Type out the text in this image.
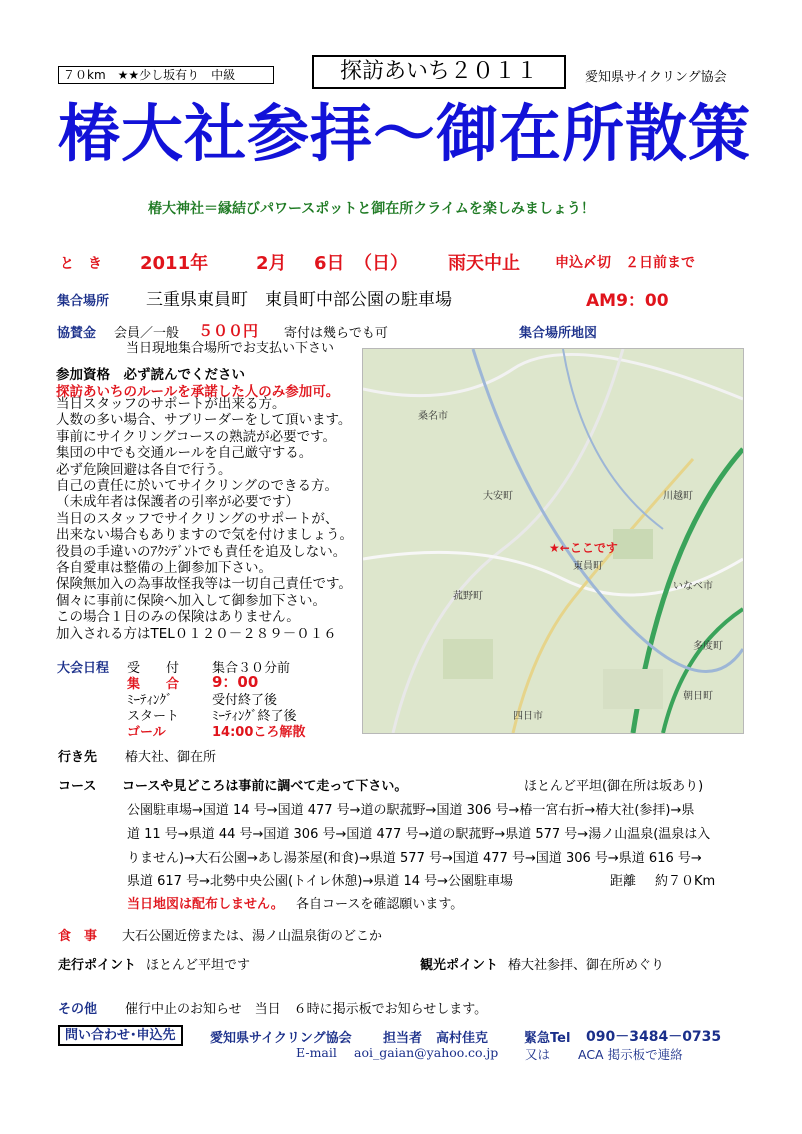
７０km　★★少し坂有り　中級	探訪あいち２０１１	愛知県サイクリング協会
椿大社参拝～御在所散策
椿大神社＝縁結びパワースポットと御在所クライムを楽しみましょう！
と　き 2011年	2月 6日 （日） 雨天中止	申込〆切　２日前まで
集合場所 三重県東員町　東員町中部公園の駐車場	AM9：00
協賛金 会員／一般 ５００円 寄付は幾らでも可
当日現地集合場所でお支払い下さい
集合場所地図
参加資格　必ず読んでください
探訪あいちのルールを承諾した人のみ参加可。
当日スタッフのサポートが出来る方。
人数の多い場合、サブリーダーをして頂います。
事前にサイクリングコースの熟読が必要です。
集団の中でも交通ルールを自己厳守する。
必ず危険回避は各自で行う。
自己の責任に於いてサイクリングのできる方。
（未成年者は保護者の引率が必要です）
当日のスタッフでサイクリングのサポートが、
出来ない場合もありますので気を付けましょう。
役員の手違いのｱｸｼﾃﾞﾝﾄでも責任を追及しない。
各自愛車は整備の上御参加下さい。
保険無加入の為事故怪我等は一切自己責任です。
個々に事前に保険へ加入して御参加下さい。
この場合１日のみの保険はありません。
加入される方はTEL０１２０－２８９－０１６
桑名市
大安町	川越町
菰野町
東員町
いなべ市
多度町
朝日町
四日市
★←ここです
大会日程 受　　付	集合３０分前
集　　合 9：00
ﾐｰﾃｨﾝｸﾞ	受付終了後
スタート	ﾐｰﾃｨﾝｸﾞ終了後
ゴール	14:00ころ解散
行き先 椿大社、御在所
コース コースや見どころは事前に調べて走って下さい。	ほとんど平坦(御在所は坂あり)
公園駐車場→国道 14 号→国道 477 号→道の駅菰野→国道 306 号→椿一宮右折→椿大社(参拝)→県
道 11 号→県道 44 号→国道 306 号→国道 477 号→道の駅菰野→県道 577 号→湯ノ山温泉(温泉は入
りません)→大石公園→あし湯茶屋(和食)→県道 577 号→国道 477 号→国道 306 号→県道 616 号→
県道 617 号→北勢中央公園(トイレ休憩)→県道 14 号→公園駐車場	距離 約７０Km
当日地図は配布しません。 各自コースを確認願います。
食　事 大石公園近傍または、湯ノ山温泉街のどこか
走行ポイント ほとんど平坦です	観光ポイント 椿大社参拝、御在所めぐり
その他 催行中止のお知らせ　当日　６時に掲示板でお知らせします。
問い合わせ･申込先	愛知県サイクリング協会 担当者 高村佳克	緊急Tel 090－3484－0735
E-mail aoi_gaian@yahoo.co.jp 又は ACA 掲示板で連絡
